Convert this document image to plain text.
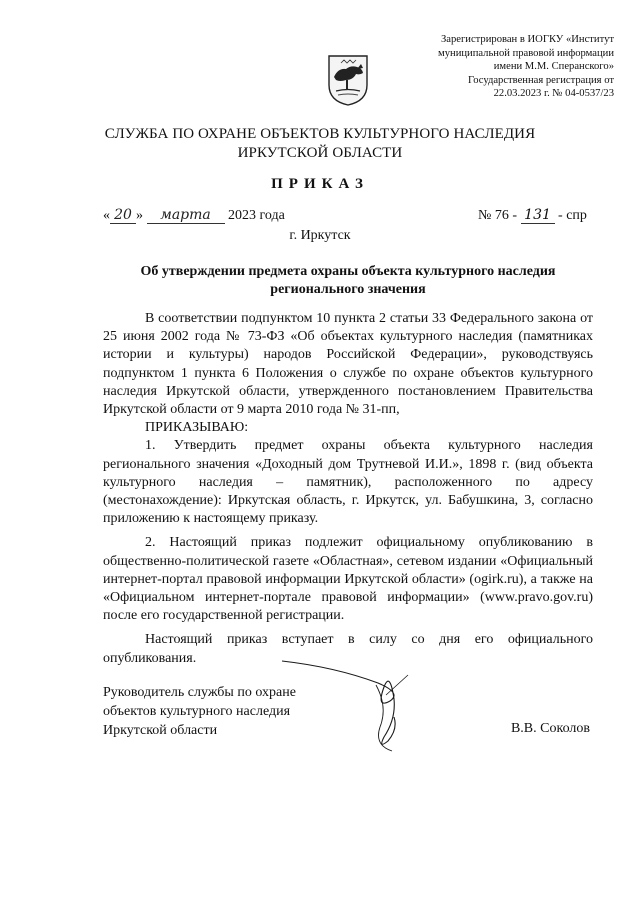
Зарегистрирован в ИОГКУ «Институт
муниципальной правовой информации
имени М.М. Сперанского»
Государственная регистрация от
22.03.2023 г. № 04-0537/23
СЛУЖБА ПО ОХРАНЕ ОБЪЕКТОВ КУЛЬТУРНОГО НАСЛЕДИЯ
ИРКУТСКОЙ ОБЛАСТИ
ПРИКАЗ
« 20 » марта 2023 года	№ 76 - 131 - спр
г. Иркутск
Об утверждении предмета охраны объекта культурного наследия
регионального значения

В соответствии подпунктом 10 пункта 2 статьи 33 Федерального закона от 25 июня 2002 года № 73-ФЗ «Об объектах культурного наследия (памятниках истории и культуры) народов Российской Федерации», руководствуясь подпунктом 1 пункта 6 Положения о службе по охране объектов культурного наследия Иркутской области, утвержденного постановлением Правительства Иркутской области от 9 марта 2010 года № 31-пп,

ПРИКАЗЫВАЮ:

1. Утвердить предмет охраны объекта культурного наследия регионального значения «Доходный дом Трутневой И.И.», 1898 г. (вид объекта культурного наследия – памятник), расположенного по адресу (местонахождение): Иркутская область, г. Иркутск, ул. Бабушкина, 3, согласно приложению к настоящему приказу.

2. Настоящий приказ подлежит официальному опубликованию в общественно-политической газете «Областная», сетевом издании «Официальный интернет-портал правовой информации Иркутской области» (ogirk.ru), а также на «Официальном интернет-портале правовой информации» (www.pravo.gov.ru) после его государственной регистрации.

Настоящий приказ вступает в силу со дня его официального опубликования.

Руководитель службы по охране
объектов культурного наследия
Иркутской области	В.В. Соколов
